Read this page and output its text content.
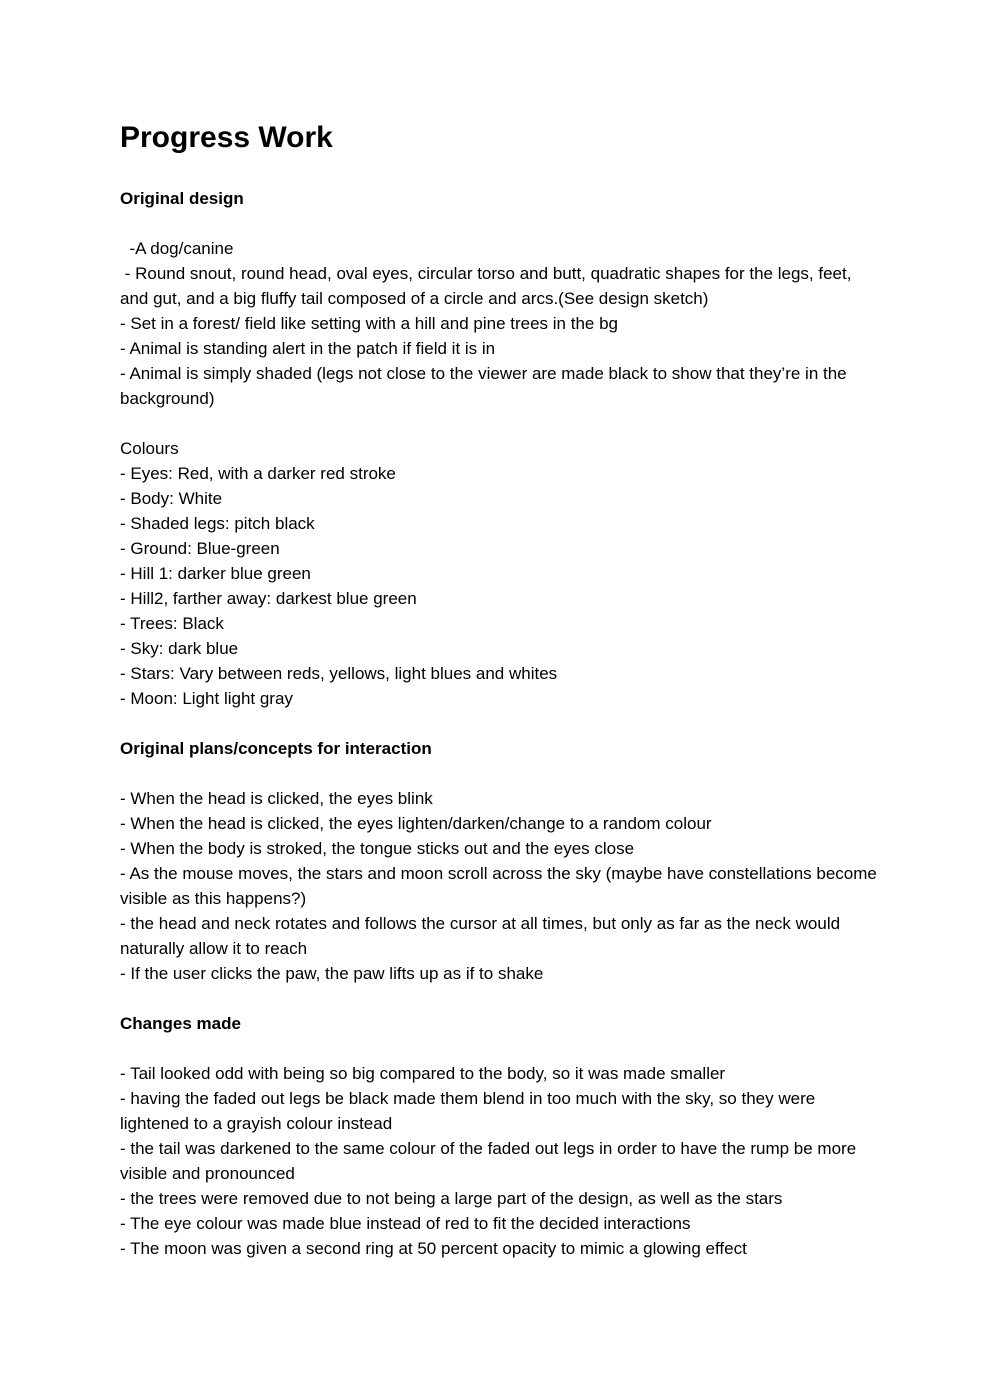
Progress Work
Original design
-A dog/canine
- Round snout, round head, oval eyes, circular torso and butt, quadratic shapes for the legs, feet, and gut, and a big fluffy tail composed of a circle and arcs.(See design sketch)
- Set in a forest/ field like setting with a hill and pine trees in the bg
- Animal is standing alert in the patch if field it is in
- Animal is simply shaded (legs not close to the viewer are made black to show that they’re in the background)
Colours
- Eyes: Red, with a darker red stroke
- Body: White
- Shaded legs: pitch black
- Ground: Blue-green
- Hill 1: darker blue green
- Hill2, farther away: darkest blue green
- Trees: Black
- Sky: dark blue
- Stars: Vary between reds, yellows, light blues and whites
- Moon: Light light gray
Original plans/concepts for interaction
- When the head is clicked, the eyes blink
- When the head is clicked, the eyes lighten/darken/change to a random colour
- When the body is stroked, the tongue sticks out and the eyes close
- As the mouse moves, the stars and moon scroll across the sky (maybe have constellations become visible as this happens?)
- the head and neck rotates and follows the cursor at all times, but only as far as the neck would naturally allow it to reach
- If the user clicks the paw, the paw lifts up as if to shake
Changes made
- Tail looked odd with being so big compared to the body, so it was made smaller
- having the faded out legs be black made them blend in too much with the sky, so they were lightened to a grayish colour instead
- the tail was darkened to the same colour of the faded out legs in order to have the rump be more visible and pronounced
- the trees were removed due to not being a large part of the design, as well as the stars
- The eye colour was made blue instead of red to fit the decided interactions
- The moon was given a second ring at 50 percent opacity to mimic a glowing effect
